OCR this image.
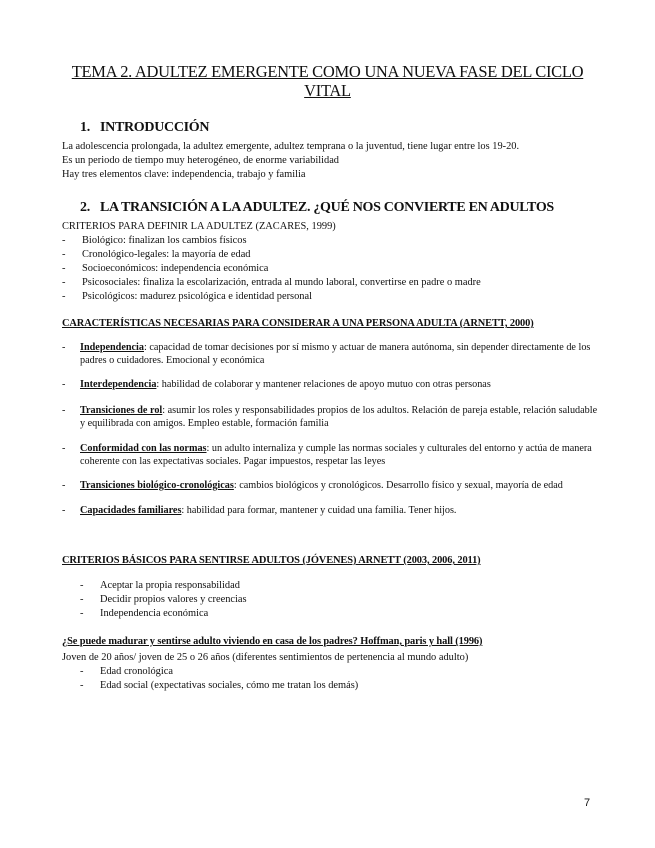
TEMA 2. ADULTEZ EMERGENTE COMO UNA NUEVA FASE DEL CICLO VITAL
1. INTRODUCCIÓN
La adolescencia prolongada, la adultez emergente, adultez temprana o la juventud, tiene lugar entre los 19-20.
Es un periodo de tiempo muy heterogéneo, de enorme variabilidad
Hay tres elementos clave: independencia, trabajo y familia
2. LA TRANSICIÓN A LA ADULTEZ. ¿QUÉ NOS CONVIERTE EN ADULTOS
CRITERIOS PARA DEFINIR LA ADULTEZ (ZACARES, 1999)
- Biológico: finalizan los cambios físicos
- Cronológico-legales: la mayoría de edad
- Socioeconómicos: independencia económica
- Psicosociales: finaliza la escolarización, entrada al mundo laboral, convertirse en padre o madre
- Psicológicos: madurez psicológica e identidad personal
CARACTERÍSTICAS NECESARIAS PARA CONSIDERAR A UNA PERSONA ADULTA (ARNETT, 2000)
- Independencia: capacidad de tomar decisiones por sí mismo y actuar de manera autónoma, sin depender directamente de los padres o cuidadores. Emocional y económica
- Interdependencia: habilidad de colaborar y mantener relaciones de apoyo mutuo con otras personas
- Transiciones de rol: asumir los roles y responsabilidades propios de los adultos. Relación de pareja estable, relación saludable y equilibrada con amigos. Empleo estable, formación familia
- Conformidad con las normas: un adulto internaliza y cumple las normas sociales y culturales del entorno y actúa de manera coherente con las expectativas sociales. Pagar impuestos, respetar las leyes
- Transiciones biológico-cronológicas: cambios biológicos y cronológicos. Desarrollo físico y sexual, mayoría de edad
- Capacidades familiares: habilidad para formar, mantener y cuidad una familia. Tener hijos.
CRITERIOS BÁSICOS PARA SENTIRSE ADULTOS (JÓVENES) ARNETT (2003, 2006, 2011)
- Aceptar la propia responsabilidad
- Decidir propios valores y creencias
- Independencia económica
¿Se puede madurar y sentirse adulto viviendo en casa de los padres? Hoffman, paris y hall (1996)
Joven de 20 años/ joven de 25 o 26 años (diferentes sentimientos de pertenencia al mundo adulto)
- Edad cronológica
- Edad social (expectativas sociales, cómo me tratan los demás)
7
